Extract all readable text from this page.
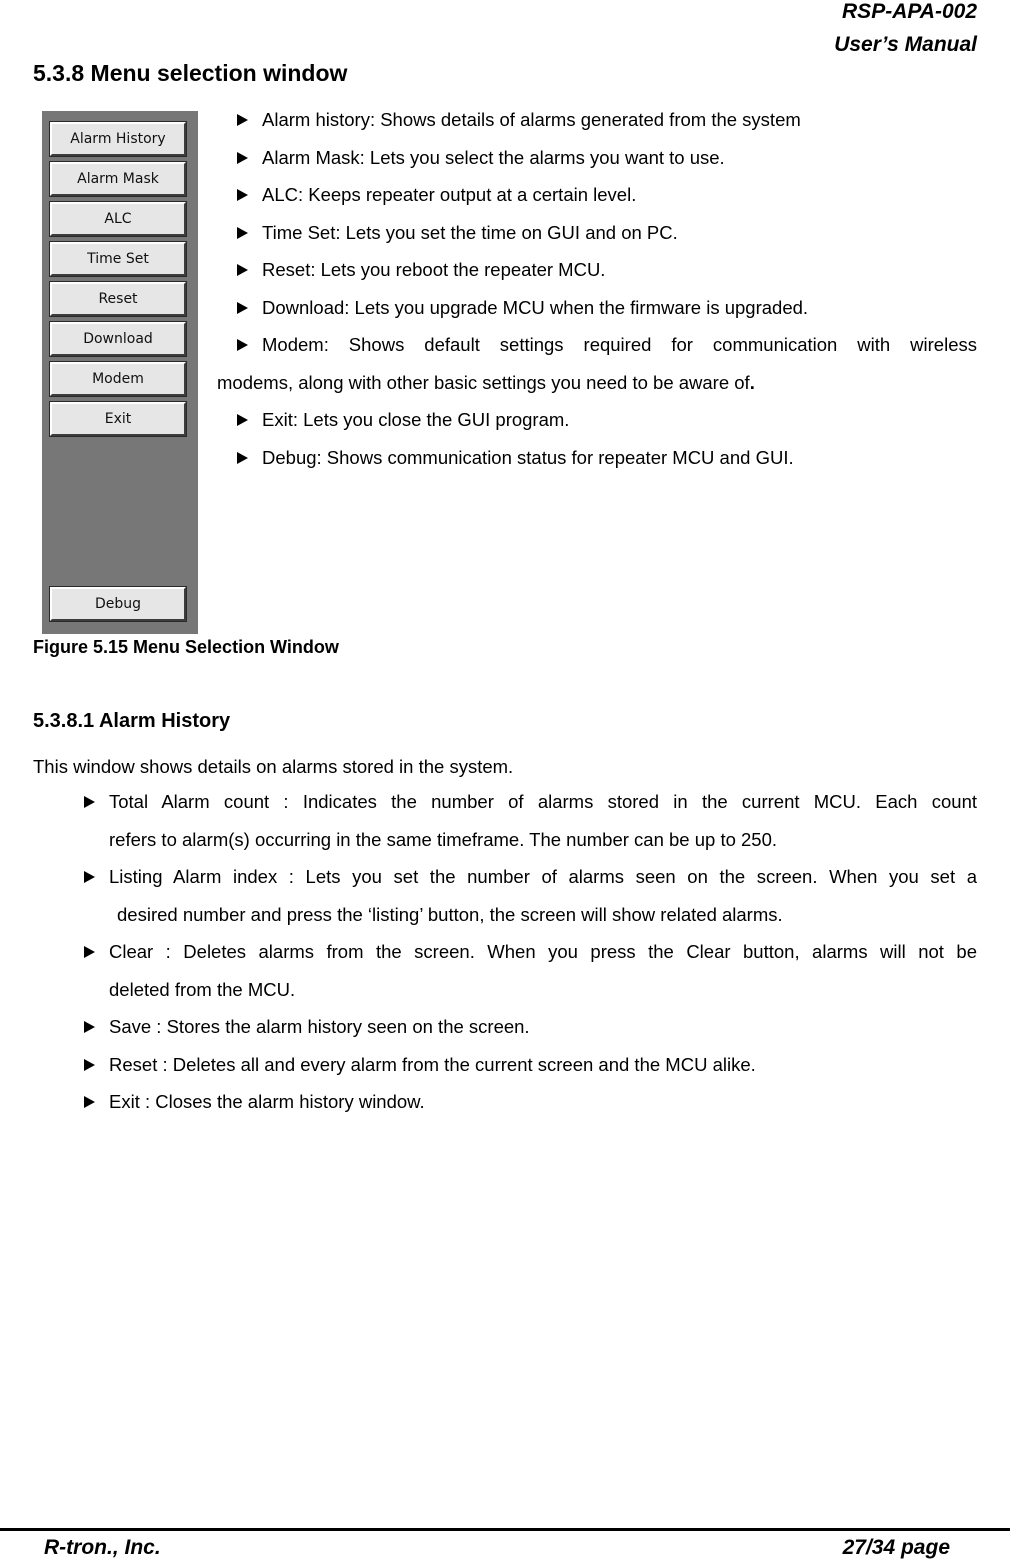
RSP-APA-002
User’s Manual
5.3.8 Menu selection window
Alarm History
Alarm Mask
ALC
Time Set
Reset
Download
Modem
Exit
Debug
Alarm history: Shows details of alarms generated from the system
Alarm Mask: Lets you select the alarms you want to use.
ALC: Keeps repeater output at a certain level.
Time Set: Lets you set the time on GUI and on PC.
Reset: Lets you reboot the repeater MCU.
Download: Lets you upgrade MCU when the firmware is upgraded.
Modem: Shows default settings required for communication with wireless
modems, along with other basic settings you need to be aware of.
Exit: Lets you close the GUI program.
Debug: Shows communication status for repeater MCU and GUI.
Figure 5.15 Menu Selection Window
5.3.8.1 Alarm History
This window shows details on alarms stored in the system.
Total Alarm count : Indicates the number of alarms stored in the current MCU. Each count
refers to alarm(s) occurring in the same timeframe. The number can be up to 250.
Listing Alarm index : Lets you set the number of alarms seen on the screen. When you set a
desired number and press the ‘listing’ button, the screen will show related alarms.
Clear : Deletes alarms from the screen. When you press the Clear button, alarms will not be
deleted from the MCU.
Save : Stores the alarm history seen on the screen.
Reset : Deletes all and every alarm from the current screen and the MCU alike.
Exit : Closes the alarm history window.
R-tron., Inc.	27/34 page
